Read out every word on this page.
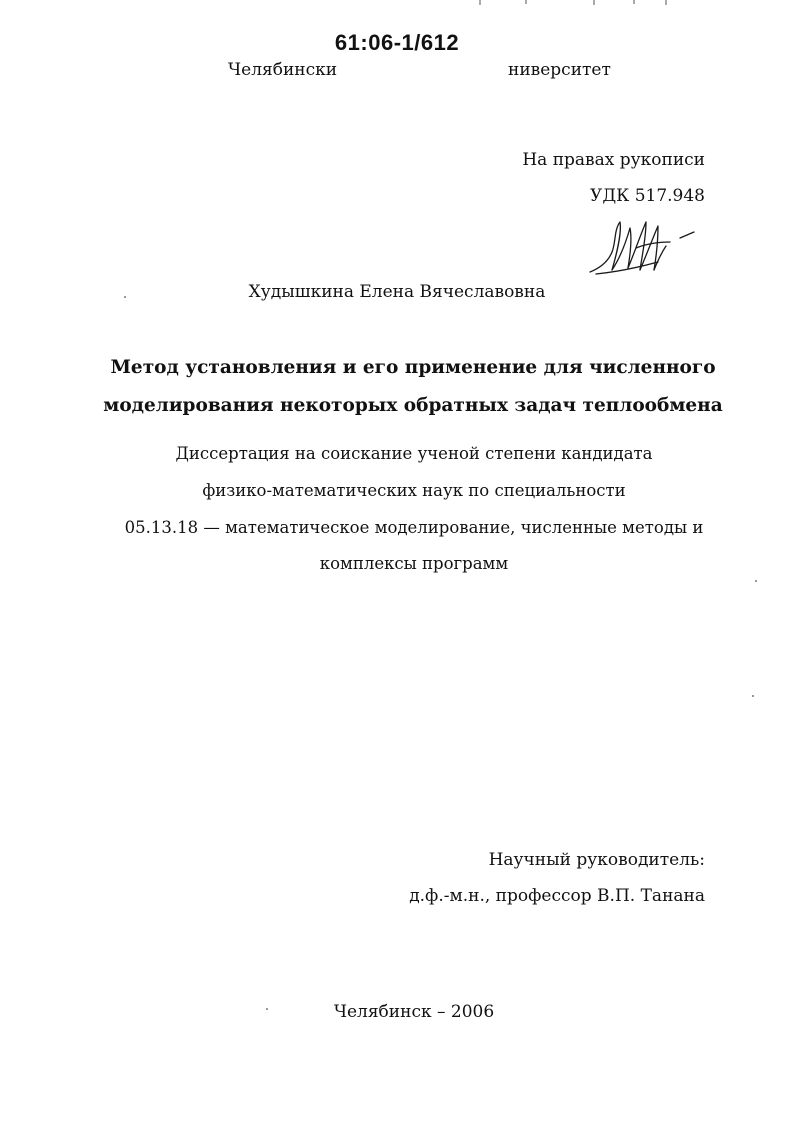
61:06-1/612
Челябински	ниверситет
На правах рукописи
УДК 517.948
Худышкина Елена Вячеславовна
Метод установления и его применение для численного
моделирования некоторых обратных задач теплообмена
Диссертация на соискание ученой степени кандидата
физико-математических наук по специальности
05.13.18 — математическое моделирование, численные методы и
комплексы программ
Научный руководитель:
д.ф.-м.н., профессор В.П. Танана
Челябинск – 2006
